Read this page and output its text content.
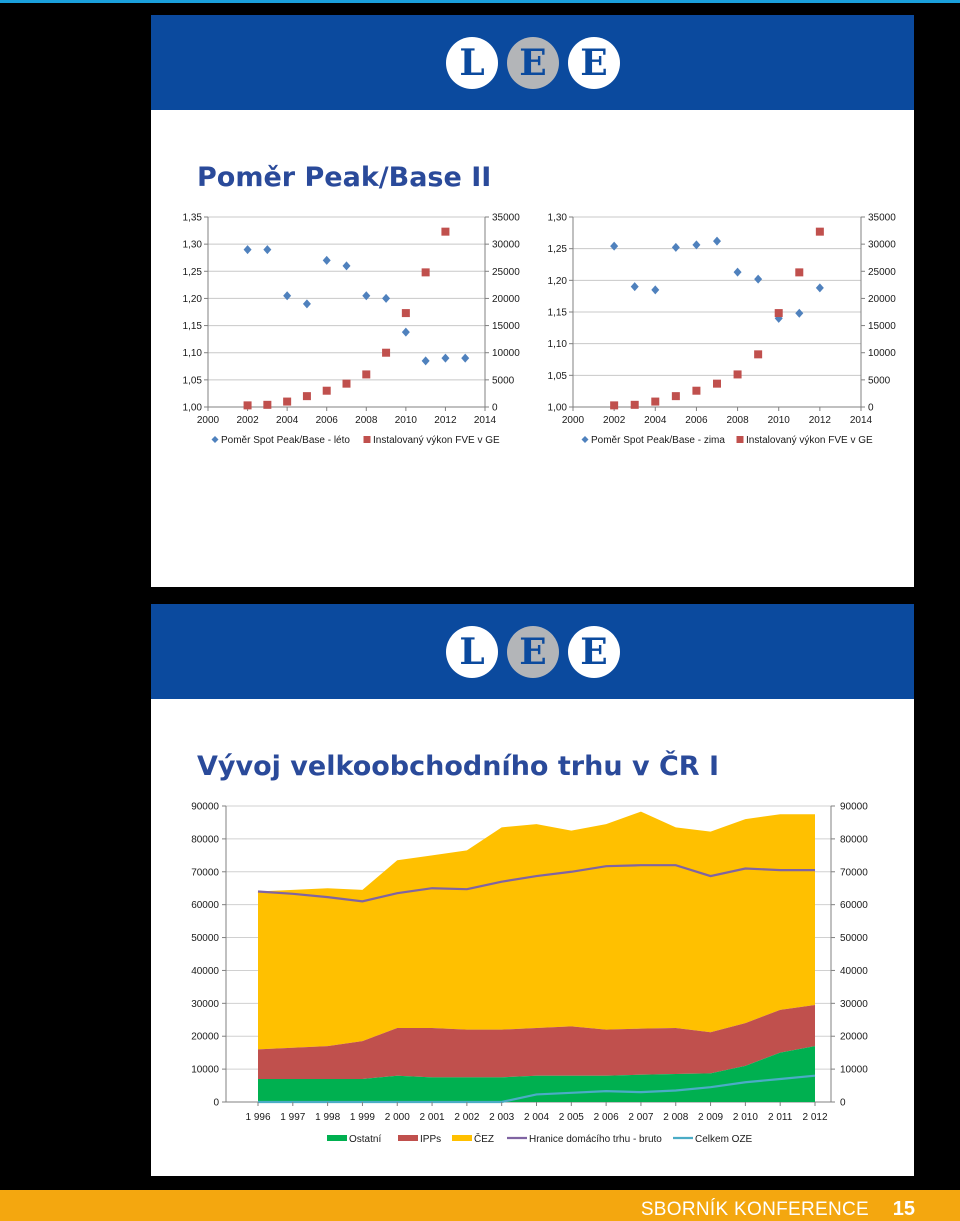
L E E
Poměr Peak/Base II
1,00
1,05
1,10
1,15
1,20
1,25
1,30
1,35
0
5000
10000
15000
20000
25000
30000
35000
2000 2002 2004 2006 2008 2010 2012 2014
Poměr Spot Peak/Base - léto Instalovaný výkon FVE v GE
1,00
1,05
1,10
1,15
1,20
1,25
1,30
0
5000
10000
15000
20000
25000
30000
35000
2000 2002 2004 2006 2008 2010 2012 2014
Poměr Spot Peak/Base - zima Instalovaný výkon FVE v GE
L E E
Vývoj velkoobchodního trhu v ČR I
0	0
10000	10000
20000	20000
30000	30000
40000	40000
50000	50000
60000	60000
70000	70000
80000	80000
90000	90000
1 996 1 997 1 998 1 999 2 000 2 001 2 002 2 003 2 004 2 005 2 006 2 007 2 008 2 009 2 010 2 011 2 012
Ostatní	IPPs	ČEZ	Hranice domácího trhu - bruto	Celkem OZE
SBORNÍK KONFERENCE 15
